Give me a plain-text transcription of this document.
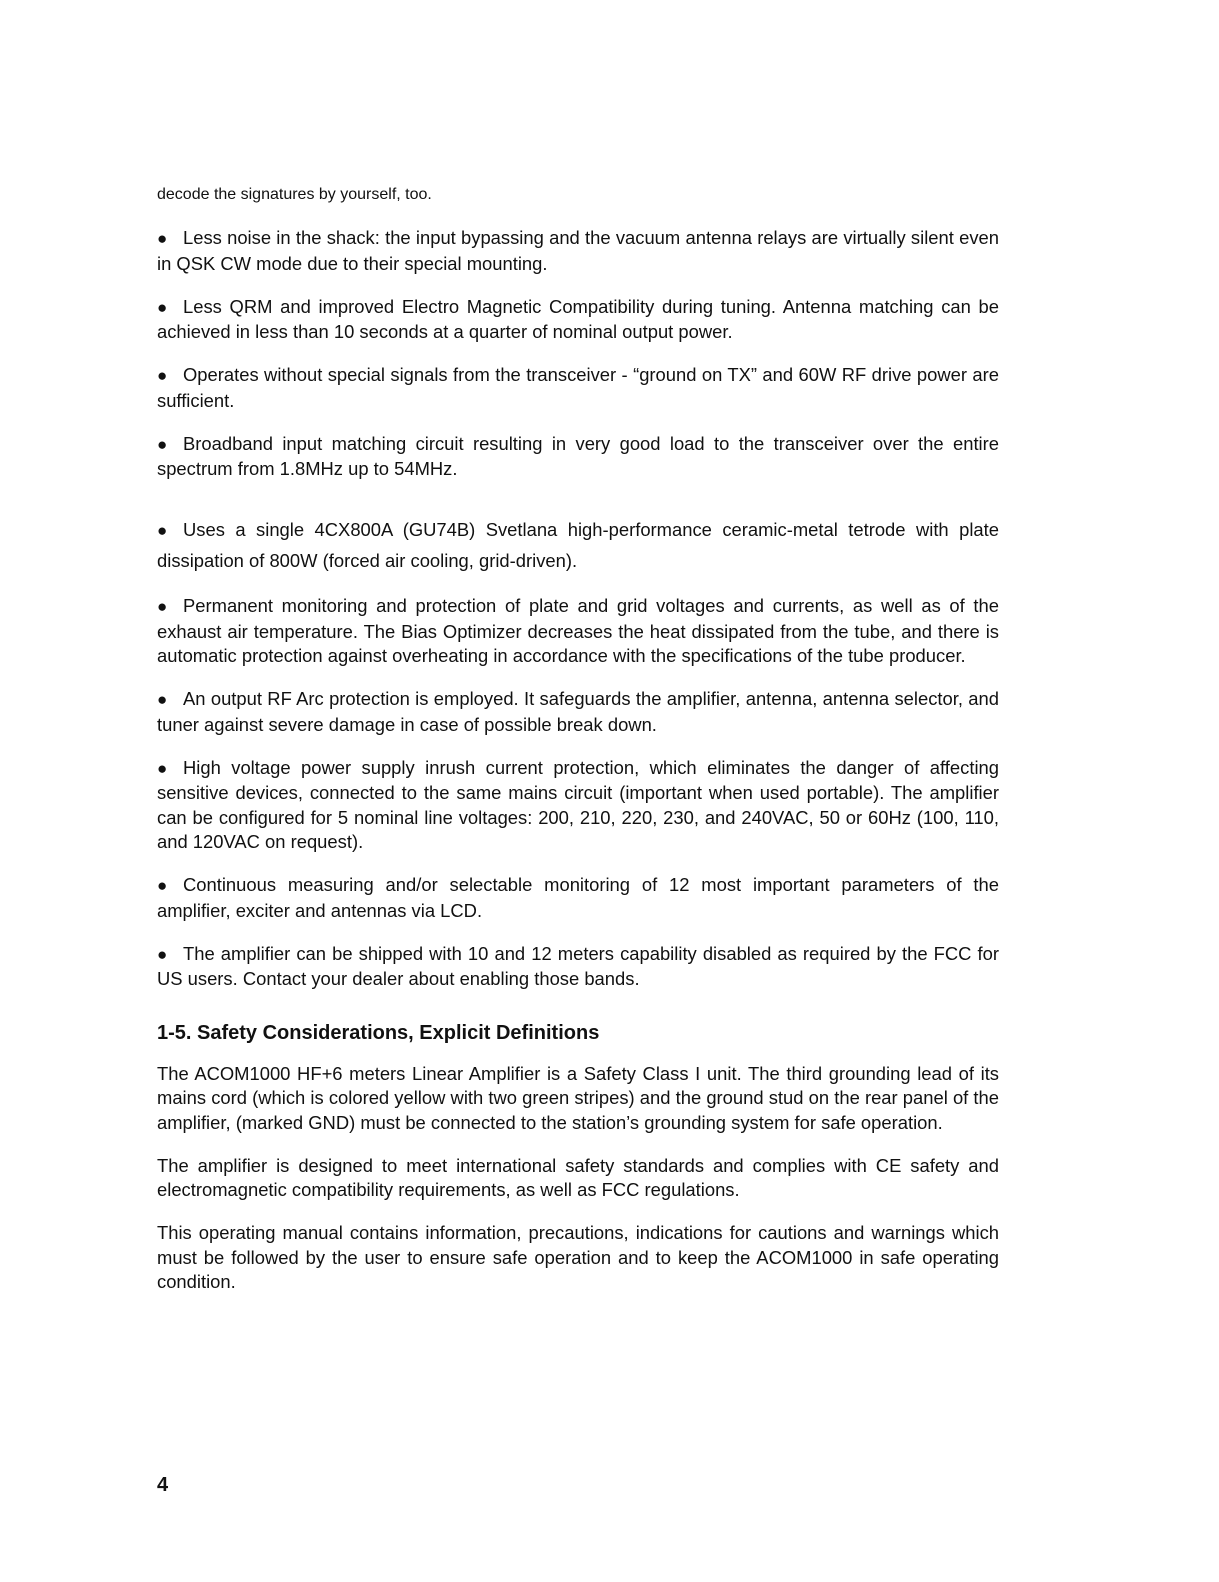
decode the signatures by yourself, too.

● Less noise in the shack: the input bypassing and the vacuum antenna relays are virtually silent even in QSK CW mode due to their special mounting.

● Less QRM and improved Electro Magnetic Compatibility during tuning. Antenna matching can be achieved in less than 10 seconds at a quarter of nominal output power.

● Operates without special signals from the transceiver - “ground on TX” and 60W RF drive power are sufficient.

● Broadband input matching circuit resulting in very good load to the transceiver over the entire spectrum from 1.8MHz up to 54MHz.

● Uses a single 4CX800A (GU74B) Svetlana high-performance ceramic-metal tetrode with plate dissipation of 800W (forced air cooling, grid-driven).

● Permanent monitoring and protection of plate and grid voltages and currents, as well as of the exhaust air temperature. The Bias Optimizer decreases the heat dissipated from the tube, and there is automatic protection against overheating in accordance with the specifications of the tube producer.

● An output RF Arc protection is employed. It safeguards the amplifier, antenna, antenna selector, and tuner against severe damage in case of possible break down.

● High voltage power supply inrush current protection, which eliminates the danger of affecting sensitive devices, connected to the same mains circuit (important when used portable). The amplifier can be configured for 5 nominal line voltages: 200, 210, 220, 230, and 240VAC, 50 or 60Hz (100, 110, and 120VAC on request).

● Continuous measuring and/or selectable monitoring of 12 most important parameters of the amplifier, exciter and antennas via LCD.

● The amplifier can be shipped with 10 and 12 meters capability disabled as required by the FCC for US users. Contact your dealer about enabling those bands.

1-5. Safety Considerations, Explicit Definitions

The ACOM1000 HF+6 meters Linear Amplifier is a Safety Class I unit. The third grounding lead of its mains cord (which is colored yellow with two green stripes) and the ground stud on the rear panel of the amplifier, (marked GND) must be connected to the station’s grounding system for safe operation.

The amplifier is designed to meet international safety standards and complies with CE safety and electromagnetic compatibility requirements, as well as FCC regulations.

This operating manual contains information, precautions, indications for cautions and warnings which must be followed by the user to ensure safe operation and to keep the ACOM1000 in safe operating condition.

4
